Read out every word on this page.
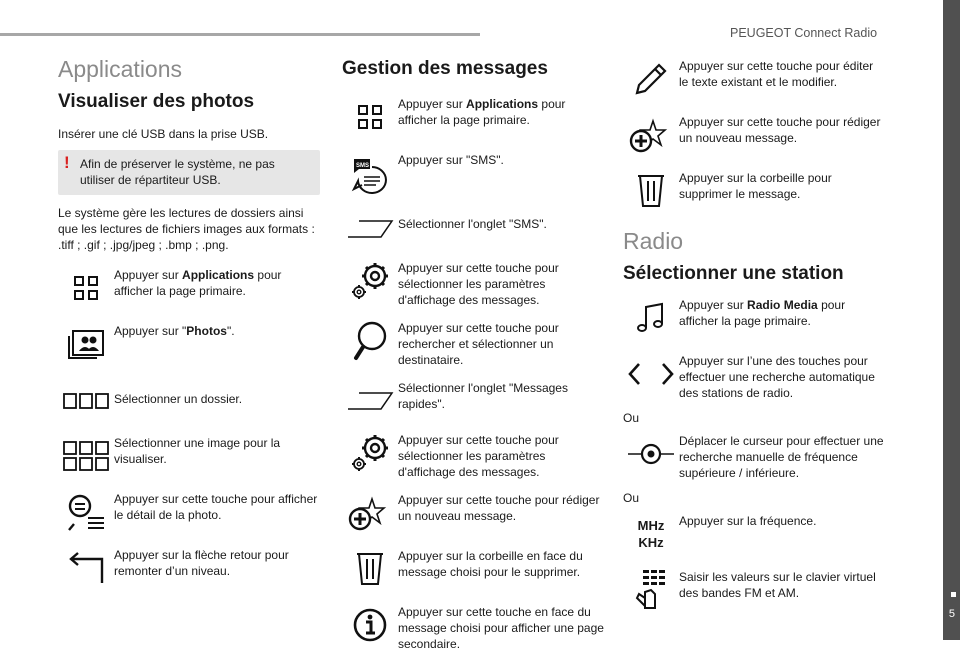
PEUGEOT Connect Radio
5
Applications
Visualiser des photos
Insérer une clé USB dans la prise USB.
! Afin de préserver le système, ne pas utiliser de répartiteur USB.
Le système gère les lectures de dossiers ainsi que les lectures de fichiers images aux formats : .tiff ; .gif ; .jpg/jpeg ; .bmp ; .png.
Appuyer sur Applications pour afficher la page primaire.
Appuyer sur "Photos".
Sélectionner un dossier.
Sélectionner une image pour la visualiser.
Appuyer sur cette touche pour afficher le détail de la photo.
Appuyer sur la flèche retour pour remonter d’un niveau.
Gestion des messages
Appuyer sur Applications pour afficher la page primaire.
SMS Appuyer sur "SMS".
Sélectionner l'onglet "SMS".
Appuyer sur cette touche pour sélectionner les paramètres d'affichage des messages.
Appuyer sur cette touche pour rechercher et sélectionner un destinataire.
Sélectionner l'onglet "Messages rapides".
Appuyer sur cette touche pour sélectionner les paramètres d'affichage des messages.
Appuyer sur cette touche pour rédiger un nouveau message.
Appuyer sur la corbeille en face du message choisi pour le supprimer.
Appuyer sur cette touche en face du message choisi pour afficher une page secondaire.
Appuyer sur cette touche pour éditer le texte existant et le modifier.
Appuyer sur cette touche pour rédiger un nouveau message.
Appuyer sur la corbeille pour supprimer le message.
Radio
Sélectionner une station
Appuyer sur Radio Media pour afficher la page primaire.
Appuyer sur l’une des touches pour effectuer une recherche automatique des stations de radio.
Ou
Déplacer le curseur pour effectuer une recherche manuelle de fréquence supérieure / inférieure.
Ou
MHz
KHz
Appuyer sur la fréquence.
Saisir les valeurs sur le clavier virtuel des bandes FM et AM.
